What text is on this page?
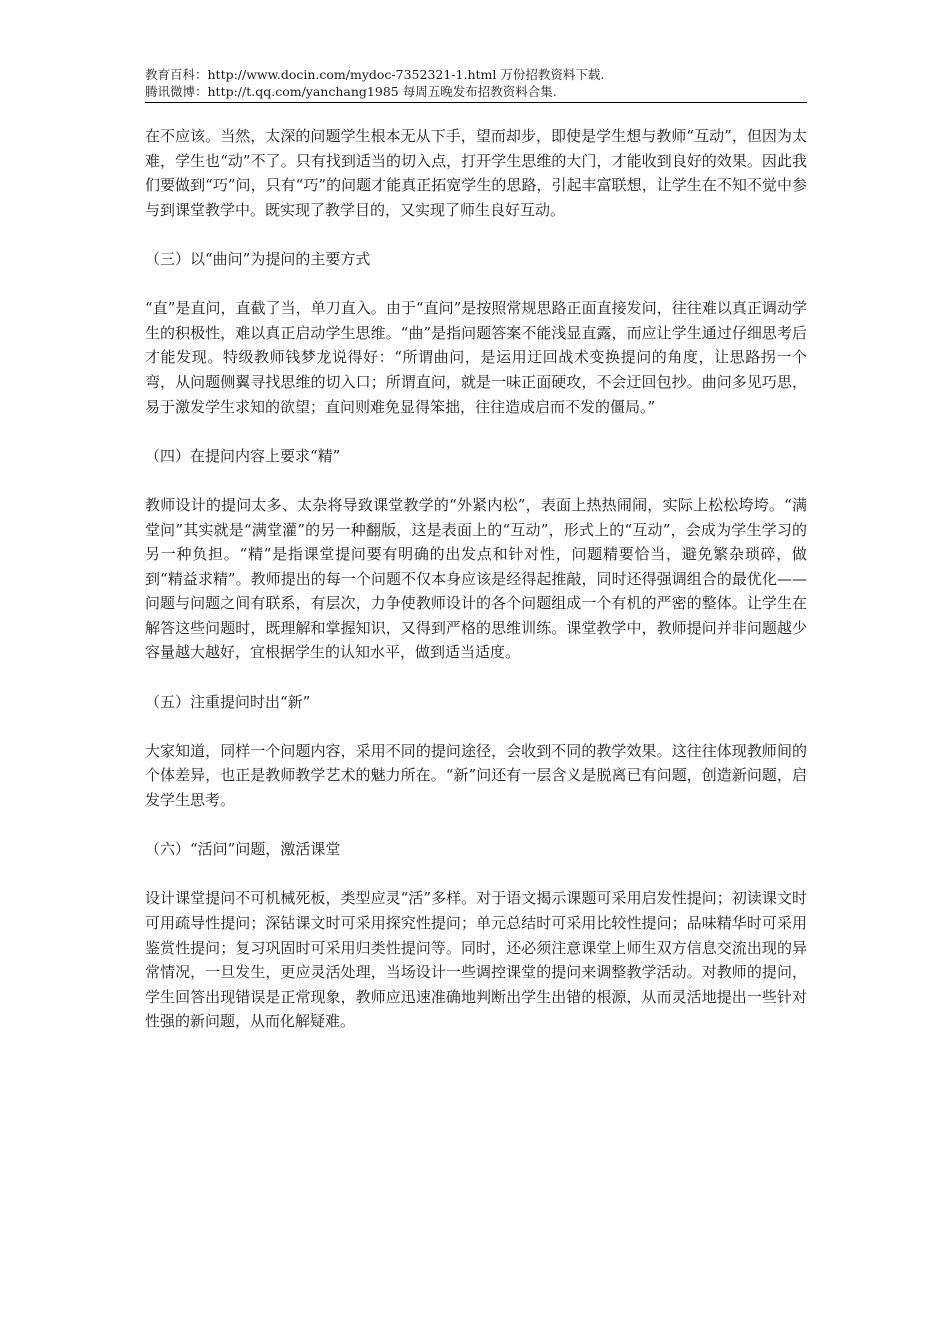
教育百科：http://www.docin.com/mydoc-7352321-1.html 万份招教资料下载.
腾讯微博：http://t.qq.com/yanchang1985 每周五晚发布招教资料合集.

在不应该。当然，太深的问题学生根本无从下手，望而却步，即使是学生想与教师“互动”，但因为太难，学生也“动”不了。只有找到适当的切入点，打开学生思维的大门，才能收到良好的效果。因此我们要做到“巧”问，只有“巧”的问题才能真正拓宽学生的思路，引起丰富联想，让学生在不知不觉中参与到课堂教学中。既实现了教学目的，又实现了师生良好互动。

（三）以“曲问”为提问的主要方式

“直”是直问，直截了当，单刀直入。由于“直问”是按照常规思路正面直接发问，往往难以真正调动学生的积极性，难以真正启动学生思维。“曲”是指问题答案不能浅显直露，而应让学生通过仔细思考后才能发现。特级教师钱梦龙说得好：“所谓曲问，是运用迂回战术变换提问的角度，让思路拐一个弯，从问题侧翼寻找思维的切入口；所谓直问，就是一味正面硬攻，不会迂回包抄。曲问多见巧思，易于激发学生求知的欲望；直问则难免显得笨拙，往往造成启而不发的僵局。”

（四）在提问内容上要求“精”

教师设计的提问太多、太杂将导致课堂教学的“外紧内松”，表面上热热闹闹，实际上松松垮垮。“满堂问”其实就是“满堂灌”的另一种翻版，这是表面上的“互动”，形式上的“互动”，会成为学生学习的另一种负担。“精”是指课堂提问要有明确的出发点和针对性，问题精要恰当，避免繁杂琐碎，做到“精益求精”。教师提出的每一个问题不仅本身应该是经得起推敲，同时还得强调组合的最优化——问题与问题之间有联系，有层次，力争使教师设计的各个问题组成一个有机的严密的整体。让学生在解答这些问题时，既理解和掌握知识，又得到严格的思维训练。课堂教学中，教师提问并非问题越少容量越大越好，宜根据学生的认知水平，做到适当适度。

（五）注重提问时出“新”

大家知道，同样一个问题内容，采用不同的提问途径，会收到不同的教学效果。这往往体现教师间的个体差异，也正是教师教学艺术的魅力所在。“新”问还有一层含义是脱离已有问题，创造新问题，启发学生思考。

（六）“活问”问题，激活课堂

设计课堂提问不可机械死板，类型应灵“活”多样。对于语文揭示课题可采用启发性提问；初读课文时可用疏导性提问；深钻课文时可采用探究性提问；单元总结时可采用比较性提问；品味精华时可采用鉴赏性提问；复习巩固时可采用归类性提问等。同时，还必须注意课堂上师生双方信息交流出现的异常情况，一旦发生，更应灵活处理，当场设计一些调控课堂的提问来调整教学活动。对教师的提问，学生回答出现错误是正常现象，教师应迅速准确地判断出学生出错的根源，从而灵活地提出一些针对性强的新问题，从而化解疑难。
